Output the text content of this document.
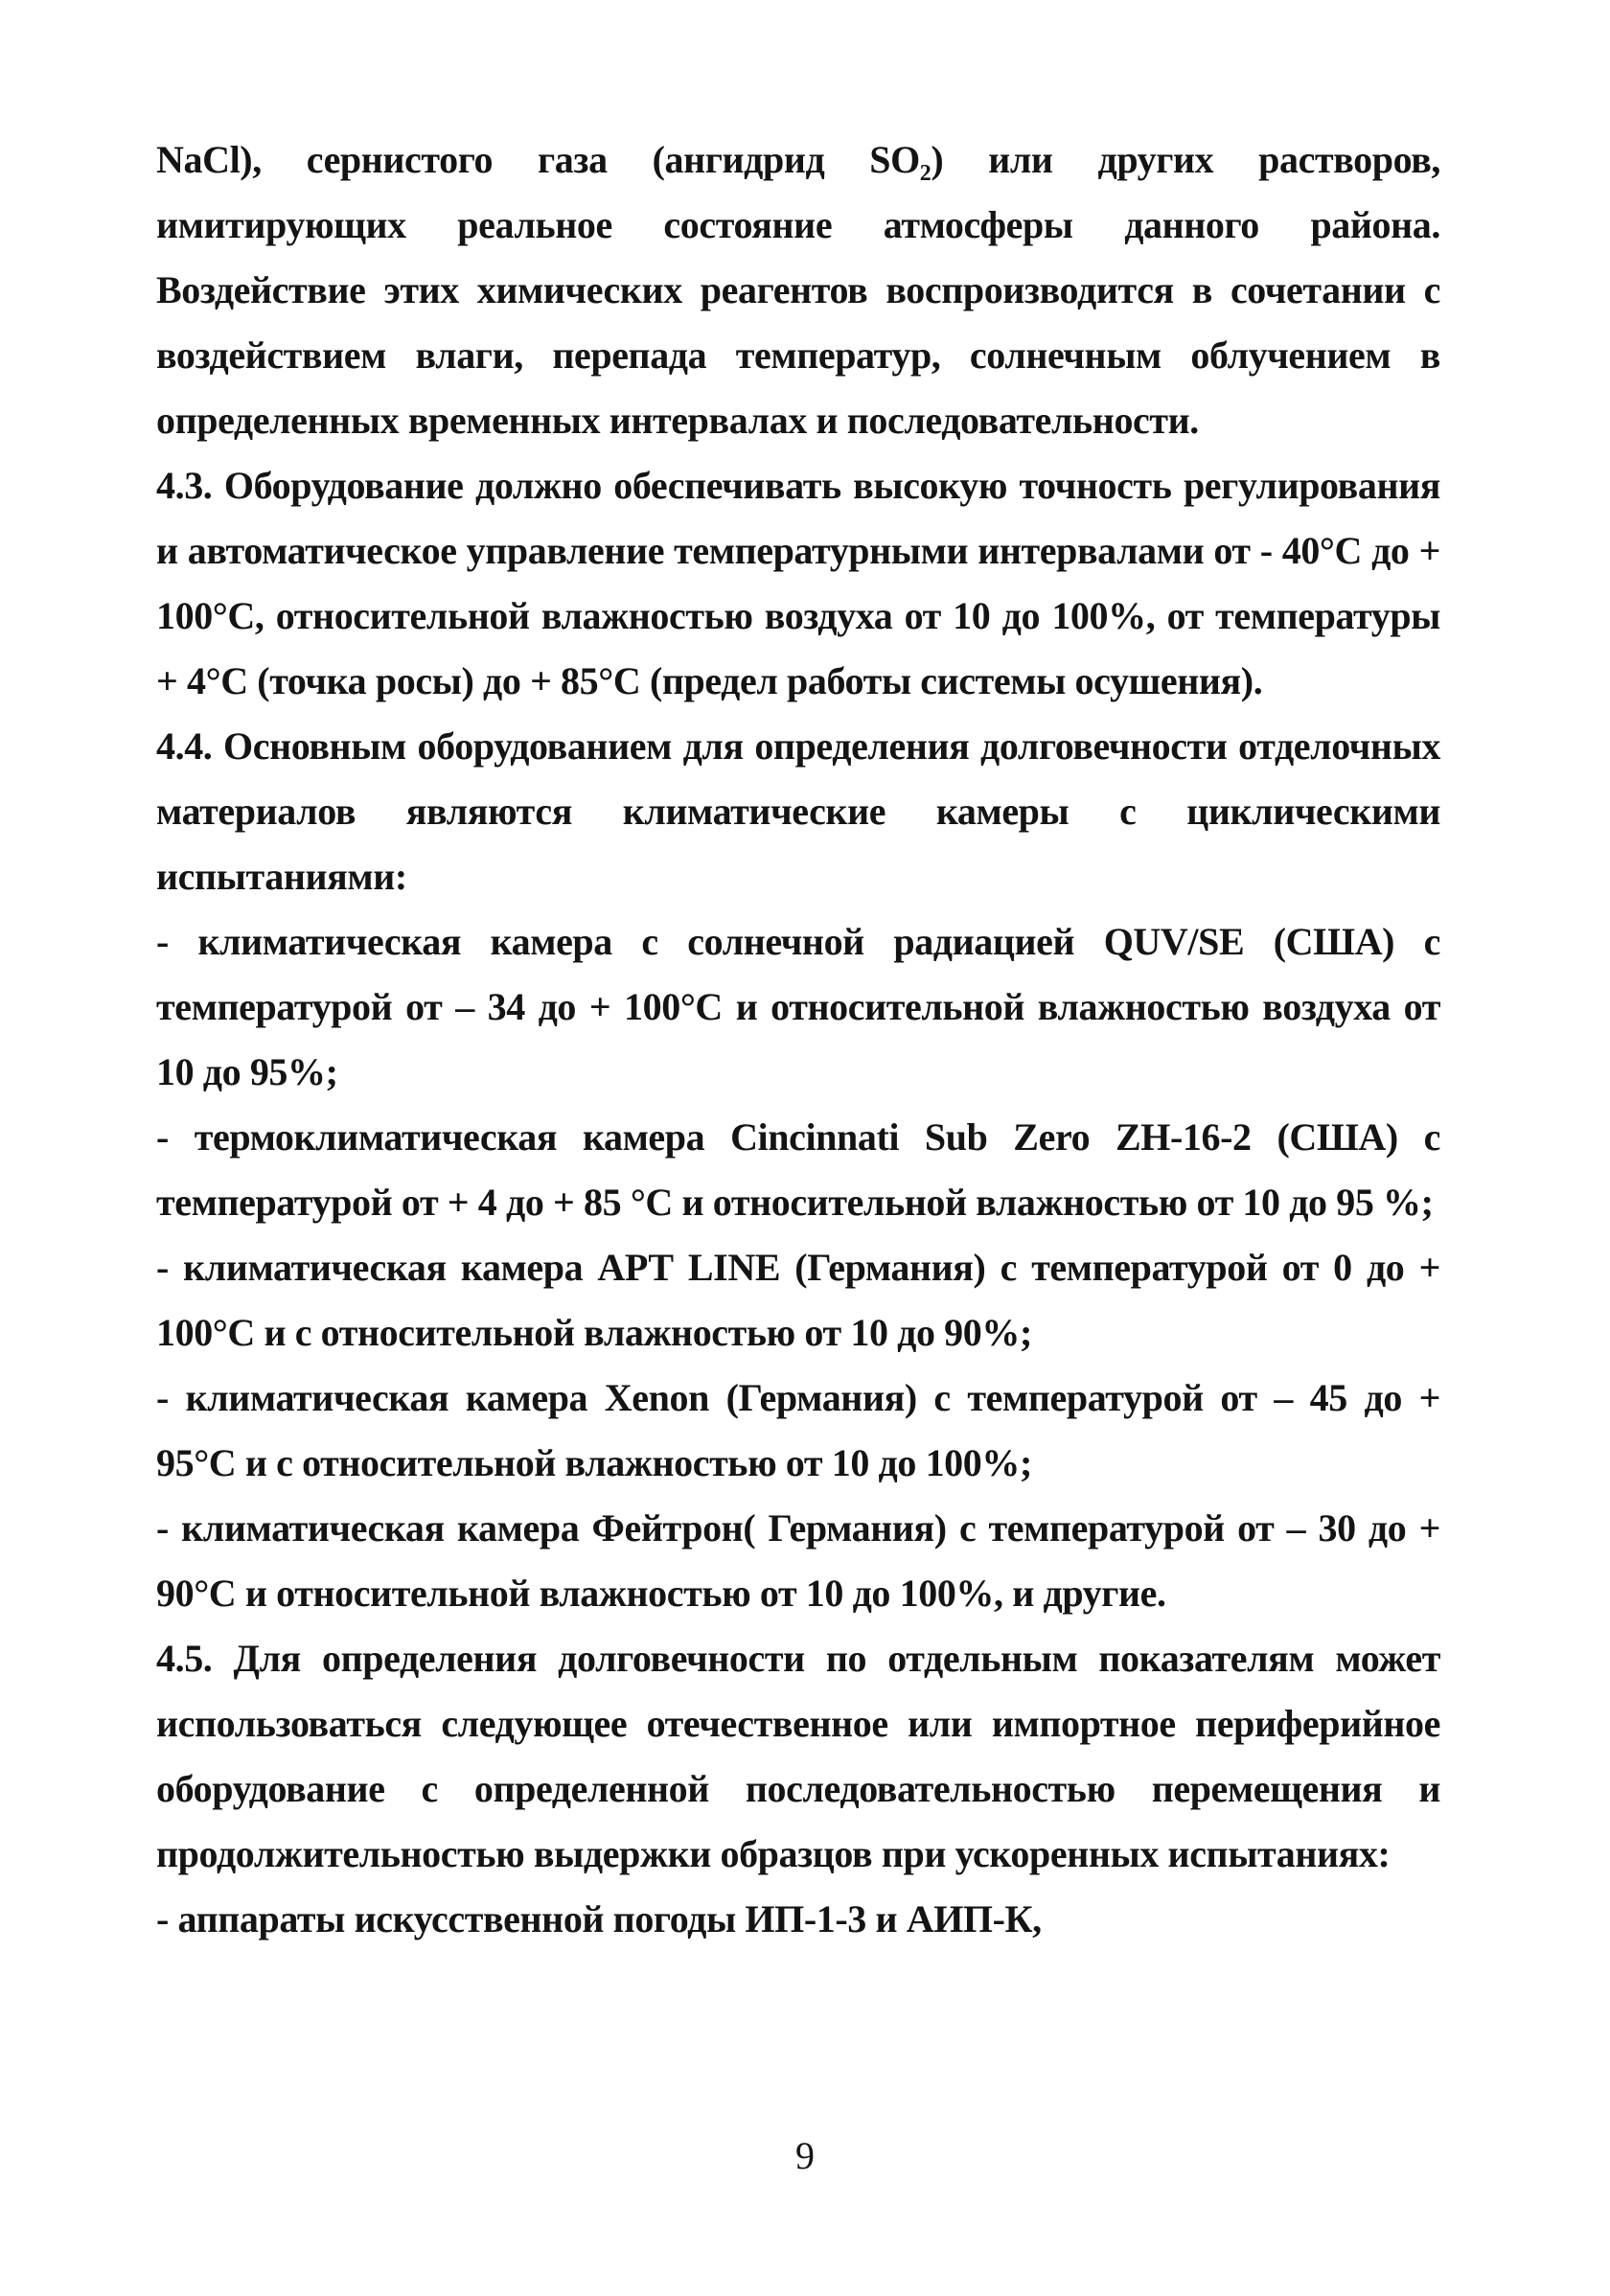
NaCl), сернистого газа (ангидрид SO₂) или других растворов, имитирующих реальное состояние атмосферы данного района. Воздействие этих химических реагентов воспроизводится в сочетании с воздействием влаги, перепада температур, солнечным облучением в определенных временных интервалах и последовательности.

4.3. Оборудование должно обеспечивать высокую точность регулирования и автоматическое управление температурными интервалами от - 40°С до + 100°С, относительной влажностью воздуха от 10 до 100%, от температуры + 4°С (точка росы) до + 85°С (предел работы системы осушения).

4.4. Основным оборудованием для определения долговечности отделочных материалов являются климатические камеры с циклическими испытаниями:

- климатическая камера с солнечной радиацией QUV/SE (США) с температурой от – 34 до + 100°С и относительной влажностью воздуха от 10 до 95%;

- термоклиматическая камера Cincinnati Sub Zero ZH-16-2 (США) с температурой от + 4 до + 85 °С и относительной влажностью от 10 до 95 %;

- климатическая камера АРТ LINE (Германия) с температурой от 0 до + 100°С и с относительной влажностью от 10 до 90%;

- климатическая камера Xenon (Германия) с температурой от – 45 до + 95°С и с относительной влажностью от 10 до 100%;

- климатическая камера Фейтрон( Германия) с температурой от – 30 до + 90°С и относительной влажностью от 10 до 100%, и другие.

4.5. Для определения долговечности по отдельным показателям может использоваться следующее отечественное или импортное периферийное оборудование с определенной последовательностью перемещения и продолжительностью выдержки образцов при ускоренных испытаниях:

- аппараты искусственной погоды ИП-1-3 и АИП-К,

9
